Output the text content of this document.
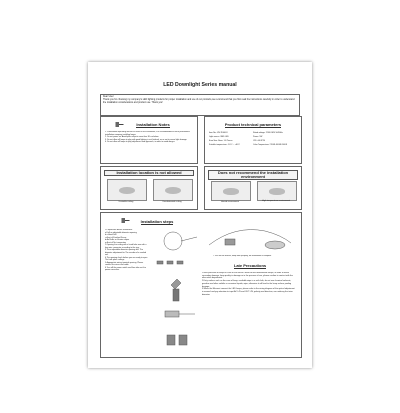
LED Downlight Series manual
Dear User:
Thank you for choosing my company's LED lighting products for proper installation and use of our products,we recommend that you first read the instructions carefully in order to understand the installation considerations and product use. Thank you!
Installation Notes
1. Professional operating and not for users in the installation, it is recommended to find a professional installation company installing lamps.
2. Do not power on: Avoid place objects more than 30 cm below.
3. Do not allow all lamps to play with good lighting is not finished, so as not to cause light damage.
4. Do not allow all lamps to play adjustment and approach, in order to avoid danger.
Product technical parameters
Item No.: KN-TD04X4	Rated voltage: 220V-240V 50/60Hz
Light source: SMD LED	Power: 5W
Euro Size: Base: 1.0 Pieces	CRI: >80 IP20
Suitable temperature: -10°C ~ +40°C	Color Temperature: 2700K 4000K 6500K
Installation location is not allowed
Unstable ceiling	Unsubstantial ceiling
Does not recommend the installation environment
Humid environment	High-temperature environment
Installation steps
1.Preparation Before installation:
a.Drill an adjustable diameter opening
b.a Hand Drill
c.A set of Finished Screw
d.An Roller or Vernier caliper
e.A set of Nut connectors
2.Opening the ceiling with a hand hole saw with a four-wire connector according to the size.
3.Then adjustable diameter opening drill: The diameter adjustment for The number of a marked rod.
4.The opening check before you are ready to open The hole place ceilings.
5.Appropriate wiring terminal opening. Please connect the wires and cable.
6.Turn off the power switch and then take out the power connector.
7.Turn on the bracket, lamp work properly, the installation is complete.
Late Precautions
1.New purchase of lamps in case of the failure Please do not disassemble lamps, in order to avoid secondary damage, lamp quality in damage or in the process of use, please confirm to contact with the after-sales department.
2.Dirty surface such as the case of lamp, available wipe in a soft cloth, do not use chemical solvents, gasoline and other volatile or corrosive liquids, wipe, otherwise it will lead to the lamp surface peeling damage.
3.When the Ethernet connect the LED lamps, please refer to the wiring diagram of the optical adjustment in manual and pay attention to input AC L/N and OUT L/N, polarity and direction, use ordinary that wire diameter.
